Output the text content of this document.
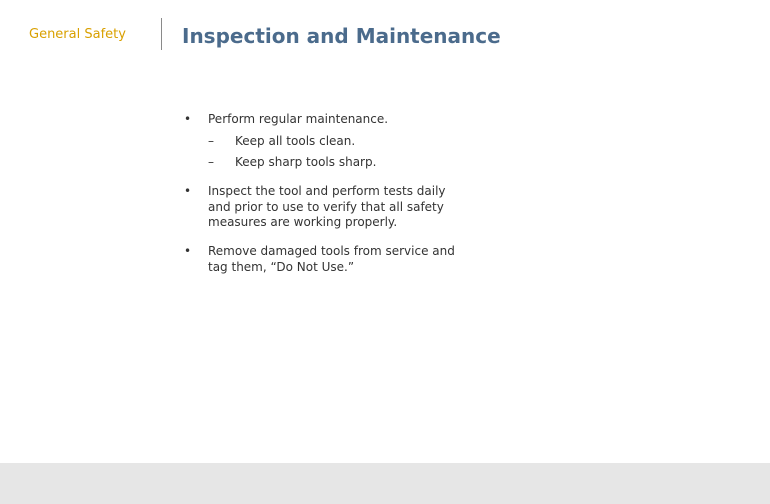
General Safety	Inspection and Maintenance
• Perform regular maintenance.
– Keep all tools clean.
– Keep sharp tools sharp.
• Inspect the tool and perform tests daily and prior to use to verify that all safety measures are working properly.
• Remove damaged tools from service and tag them, “Do Not Use.”
